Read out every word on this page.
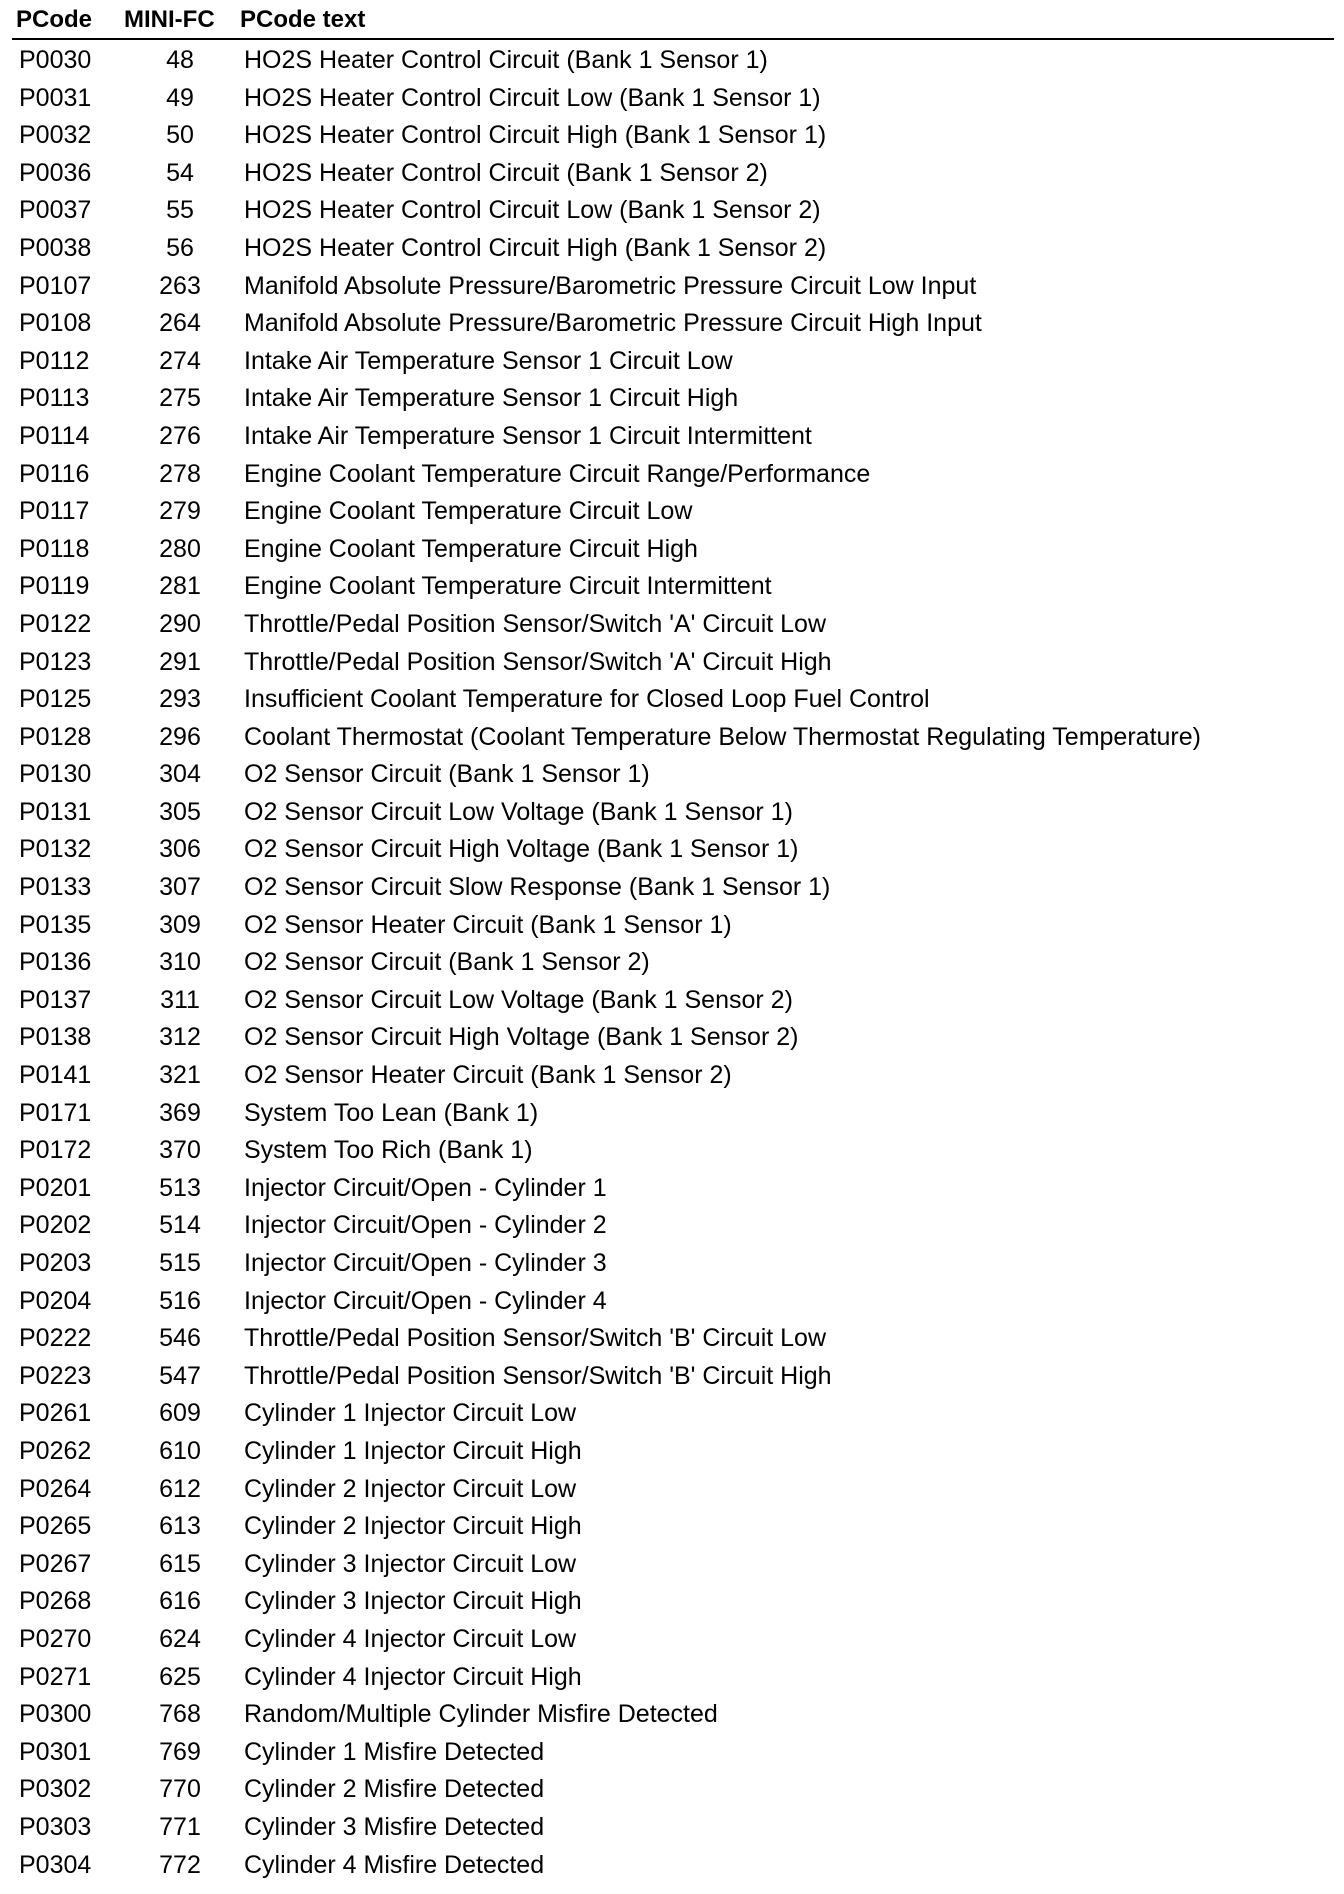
PCode MINI-FC PCode text
P0030	48	HO2S Heater Control Circuit (Bank 1 Sensor 1)
P0031	49	HO2S Heater Control Circuit Low (Bank 1 Sensor 1)
P0032	50	HO2S Heater Control Circuit High (Bank 1 Sensor 1)
P0036	54	HO2S Heater Control Circuit (Bank 1 Sensor 2)
P0037	55	HO2S Heater Control Circuit Low (Bank 1 Sensor 2)
P0038	56	HO2S Heater Control Circuit High (Bank 1 Sensor 2)
P0107	263	Manifold Absolute Pressure/Barometric Pressure Circuit Low Input
P0108	264	Manifold Absolute Pressure/Barometric Pressure Circuit High Input
P0112	274	Intake Air Temperature Sensor 1 Circuit Low
P0113	275	Intake Air Temperature Sensor 1 Circuit High
P0114	276	Intake Air Temperature Sensor 1 Circuit Intermittent
P0116	278	Engine Coolant Temperature Circuit Range/Performance
P0117	279	Engine Coolant Temperature Circuit Low
P0118	280	Engine Coolant Temperature Circuit High
P0119	281	Engine Coolant Temperature Circuit Intermittent
P0122	290	Throttle/Pedal Position Sensor/Switch 'A' Circuit Low
P0123	291	Throttle/Pedal Position Sensor/Switch 'A' Circuit High
P0125	293	Insufficient Coolant Temperature for Closed Loop Fuel Control
P0128	296	Coolant Thermostat (Coolant Temperature Below Thermostat Regulating Temperature)
P0130	304	O2 Sensor Circuit (Bank 1 Sensor 1)
P0131	305	O2 Sensor Circuit Low Voltage (Bank 1 Sensor 1)
P0132	306	O2 Sensor Circuit High Voltage (Bank 1 Sensor 1)
P0133	307	O2 Sensor Circuit Slow Response (Bank 1 Sensor 1)
P0135	309	O2 Sensor Heater Circuit (Bank 1 Sensor 1)
P0136	310	O2 Sensor Circuit (Bank 1 Sensor 2)
P0137	311	O2 Sensor Circuit Low Voltage (Bank 1 Sensor 2)
P0138	312	O2 Sensor Circuit High Voltage (Bank 1 Sensor 2)
P0141	321	O2 Sensor Heater Circuit (Bank 1 Sensor 2)
P0171	369	System Too Lean (Bank 1)
P0172	370	System Too Rich (Bank 1)
P0201	513	Injector Circuit/Open - Cylinder 1
P0202	514	Injector Circuit/Open - Cylinder 2
P0203	515	Injector Circuit/Open - Cylinder 3
P0204	516	Injector Circuit/Open - Cylinder 4
P0222	546	Throttle/Pedal Position Sensor/Switch 'B' Circuit Low
P0223	547	Throttle/Pedal Position Sensor/Switch 'B' Circuit High
P0261	609	Cylinder 1 Injector Circuit Low
P0262	610	Cylinder 1 Injector Circuit High
P0264	612	Cylinder 2 Injector Circuit Low
P0265	613	Cylinder 2 Injector Circuit High
P0267	615	Cylinder 3 Injector Circuit Low
P0268	616	Cylinder 3 Injector Circuit High
P0270	624	Cylinder 4 Injector Circuit Low
P0271	625	Cylinder 4 Injector Circuit High
P0300	768	Random/Multiple Cylinder Misfire Detected
P0301	769	Cylinder 1 Misfire Detected
P0302	770	Cylinder 2 Misfire Detected
P0303	771	Cylinder 3 Misfire Detected
P0304	772	Cylinder 4 Misfire Detected
